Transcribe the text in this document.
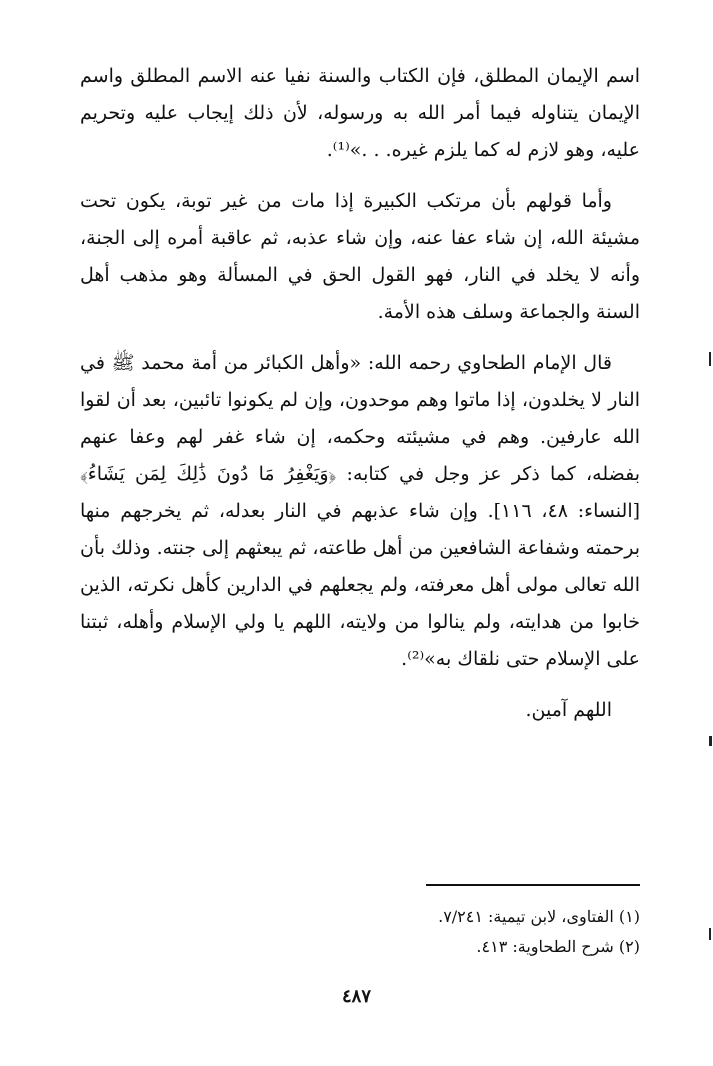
اسم الإيمان المطلق، فإن الكتاب والسنة نفيا عنه الاسم المطلق واسم الإيمان يتناوله فيما أمر الله به ورسوله، لأن ذلك إيجاب عليه وتحريم عليه، وهو لازم له كما يلزم غيره. . .»⁽¹⁾.

وأما قولهم بأن مرتكب الكبيرة إذا مات من غير توبة، يكون تحت مشيئة الله، إن شاء عفا عنه، وإن شاء عذبه، ثم عاقبة أمره إلى الجنة، وأنه لا يخلد في النار، فهو القول الحق في المسألة وهو مذهب أهل السنة والجماعة وسلف هذه الأمة.

قال الإمام الطحاوي رحمه الله: «وأهل الكبائر من أمة محمد ﷺ في النار لا يخلدون، إذا ماتوا وهم موحدون، وإن لم يكونوا تائبين، بعد أن لقوا الله عارفين. وهم في مشيئته وحكمه، إن شاء غفر لهم وعفا عنهم بفضله، كما ذكر عز وجل في كتابه: ﴿وَيَغْفِرُ مَا دُونَ ذَٰلِكَ لِمَن يَشَاءُ﴾ [النساء: ٤٨، ١١٦]. وإن شاء عذبهم في النار بعدله، ثم يخرجهم منها برحمته وشفاعة الشافعين من أهل طاعته، ثم يبعثهم إلى جنته. وذلك بأن الله تعالى مولى أهل معرفته، ولم يجعلهم في الدارين كأهل نكرته، الذين خابوا من هدايته، ولم ينالوا من ولايته، اللهم يا ولي الإسلام وأهله، ثبتنا على الإسلام حتى نلقاك به»⁽²⁾.

اللهم آمين.

(١) الفتاوى، لابن تيمية: ٧/٢٤١.

(٢) شرح الطحاوية: ٤١٣.

٤٨٧
